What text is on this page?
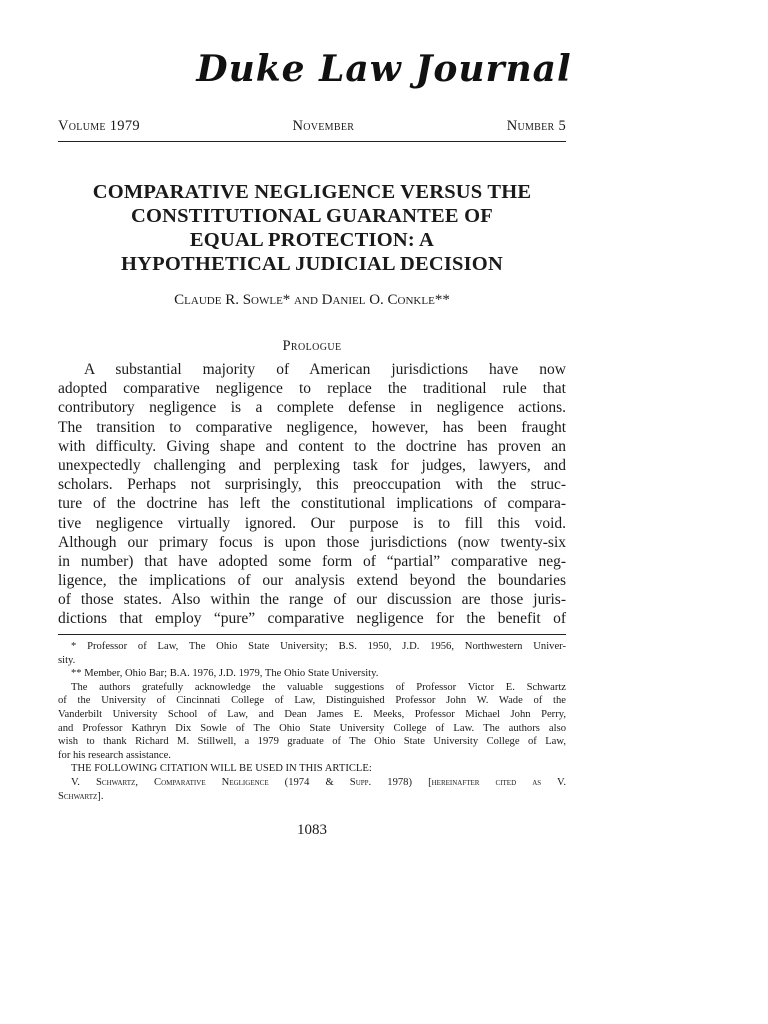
Duke Law Journal
Volume 1979	November	Number 5
COMPARATIVE NEGLIGENCE VERSUS THE
CONSTITUTIONAL GUARANTEE OF
EQUAL PROTECTION: A
HYPOTHETICAL JUDICIAL DECISION
Claude R. Sowle* and Daniel O. Conkle**
Prologue
A substantial majority of American jurisdictions have now
adopted comparative negligence to replace the traditional rule that
contributory negligence is a complete defense in negligence actions.
The transition to comparative negligence, however, has been fraught
with difficulty. Giving shape and content to the doctrine has proven an
unexpectedly challenging and perplexing task for judges, lawyers, and
scholars. Perhaps not surprisingly, this preoccupation with the struc-
ture of the doctrine has left the constitutional implications of compara-
tive negligence virtually ignored. Our purpose is to fill this void.
Although our primary focus is upon those jurisdictions (now twenty-six
in number) that have adopted some form of “partial” comparative neg-
ligence, the implications of our analysis extend beyond the boundaries
of those states. Also within the range of our discussion are those juris-
dictions that employ “pure” comparative negligence for the benefit of
* Professor of Law, The Ohio State University; B.S. 1950, J.D. 1956, Northwestern Univer-
sity.
** Member, Ohio Bar; B.A. 1976, J.D. 1979, The Ohio State University.
The authors gratefully acknowledge the valuable suggestions of Professor Victor E. Schwartz
of the University of Cincinnati College of Law, Distinguished Professor John W. Wade of the
Vanderbilt University School of Law, and Dean James E. Meeks, Professor Michael John Perry,
and Professor Kathryn Dix Sowle of The Ohio State University College of Law. The authors also
wish to thank Richard M. Stillwell, a 1979 graduate of The Ohio State University College of Law,
for his research assistance.
THE FOLLOWING CITATION WILL BE USED IN THIS ARTICLE:
V. Schwartz, Comparative Negligence (1974 & Supp. 1978) [hereinafter cited as V.
Schwartz].
1083
